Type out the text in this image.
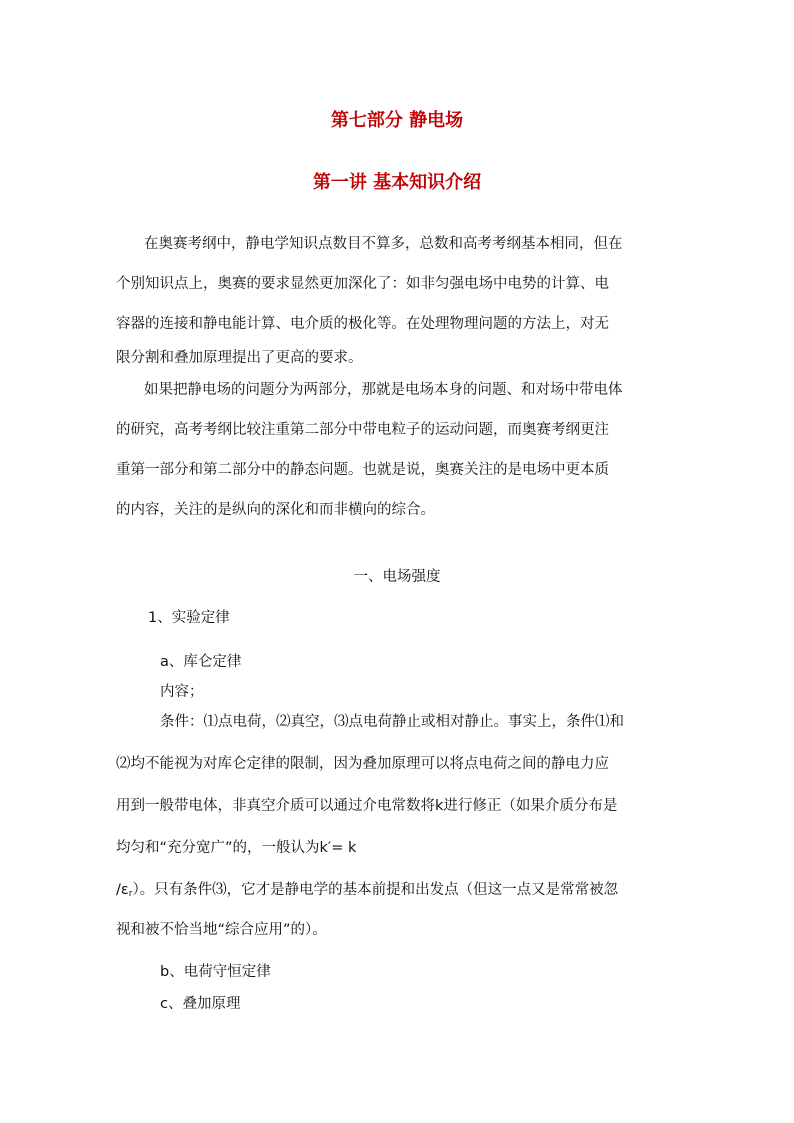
第七部分 静电场
第一讲 基本知识介绍

在奥赛考纲中，静电学知识点数目不算多，总数和高考考纲基本相同，但在

个别知识点上，奥赛的要求显然更加深化了：如非匀强电场中电势的计算、电

容器的连接和静电能计算、电介质的极化等。在处理物理问题的方法上，对无

限分割和叠加原理提出了更高的要求。

如果把静电场的问题分为两部分，那就是电场本身的问题、和对场中带电体

的研究，高考考纲比较注重第二部分中带电粒子的运动问题，而奥赛考纲更注

重第一部分和第二部分中的静态问题。也就是说，奥赛关注的是电场中更本质

的内容，关注的是纵向的深化和而非横向的综合。

一、电场强度

1、实验定律

a、库仑定律

内容；

条件：⑴点电荷，⑵真空，⑶点电荷静止或相对静止。事实上，条件⑴和

⑵均不能视为对库仑定律的限制，因为叠加原理可以将点电荷之间的静电力应

用到一般带电体，非真空介质可以通过介电常数将k进行修正（如果介质分布是

均匀和“充分宽广”的，一般认为k′= k

$/\varepsilon_r$）。只有条件⑶，它才是静电学的基本前提和出发点（但这一点又是常常被忽

视和被不恰当地“综合应用”的）。

b、电荷守恒定律

c、叠加原理
